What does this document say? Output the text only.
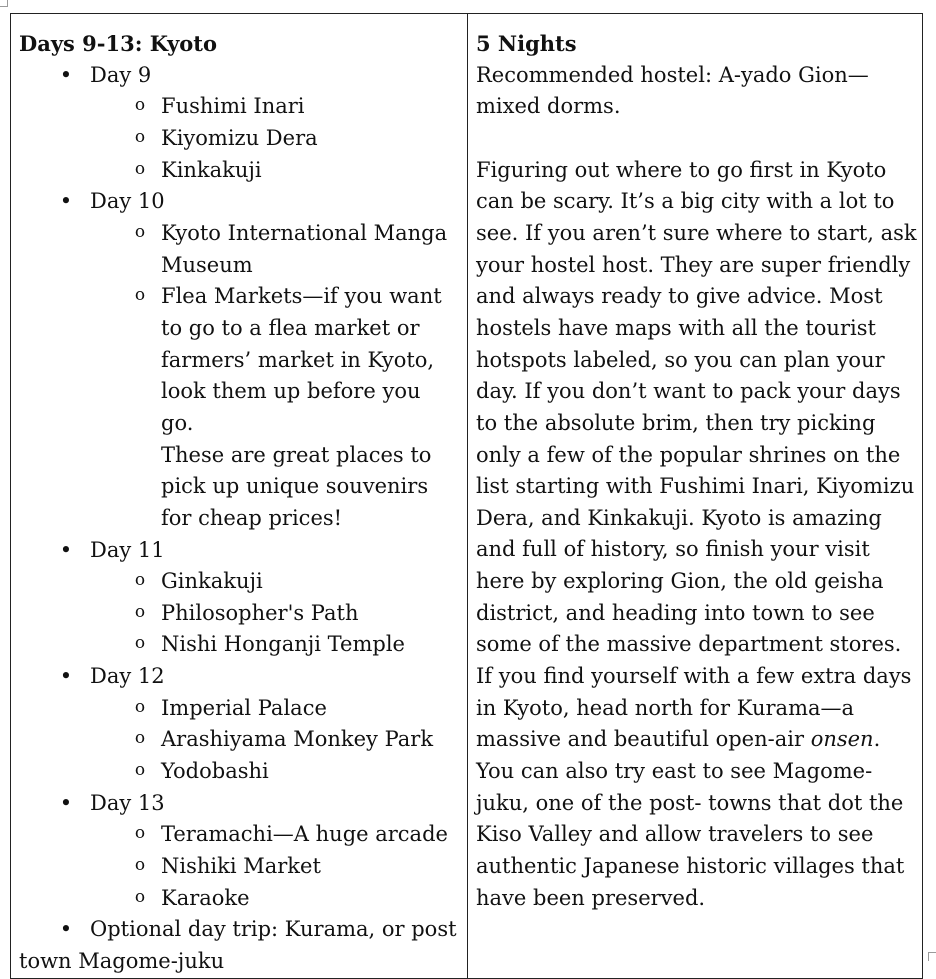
Days 9-13: Kyoto
• Day 9
o Fushimi Inari
o Kiyomizu Dera
o Kinkakuji
• Day 10
o Kyoto International Manga
Museum
o Flea Markets—if you want
to go to a flea market or
farmers’ market in Kyoto,
look them up before you go.
These are great places to
pick up unique souvenirs
for cheap prices!
• Day 11
o Ginkakuji
o Philosopher's Path
o Nishi Honganji Temple
• Day 12
o Imperial Palace
o Arashiyama Monkey Park
o Yodobashi
• Day 13
o Teramachi—A huge arcade
o Nishiki Market
o Karaoke
• Optional day trip: Kurama, or post
town Magome-juku

5 Nights
Recommended hostel: A-yado Gion—
mixed dorms.
Figuring out where to go first in Kyoto
can be scary. It’s a big city with a lot to
see. If you aren’t sure where to start, ask
your hostel host. They are super friendly
and always ready to give advice. Most
hostels have maps with all the tourist
hotspots labeled, so you can plan your
day. If you don’t want to pack your days
to the absolute brim, then try picking
only a few of the popular shrines on the
list starting with Fushimi Inari, Kiyomizu
Dera, and Kinkakuji. Kyoto is amazing
and full of history, so finish your visit
here by exploring Gion, the old geisha
district, and heading into town to see
some of the massive department stores.
If you find yourself with a few extra days
in Kyoto, head north for Kurama—a
massive and beautiful open-air onsen.
You can also try east to see Magome-
juku, one of the post- towns that dot the
Kiso Valley and allow travelers to see
authentic Japanese historic villages that
have been preserved.
